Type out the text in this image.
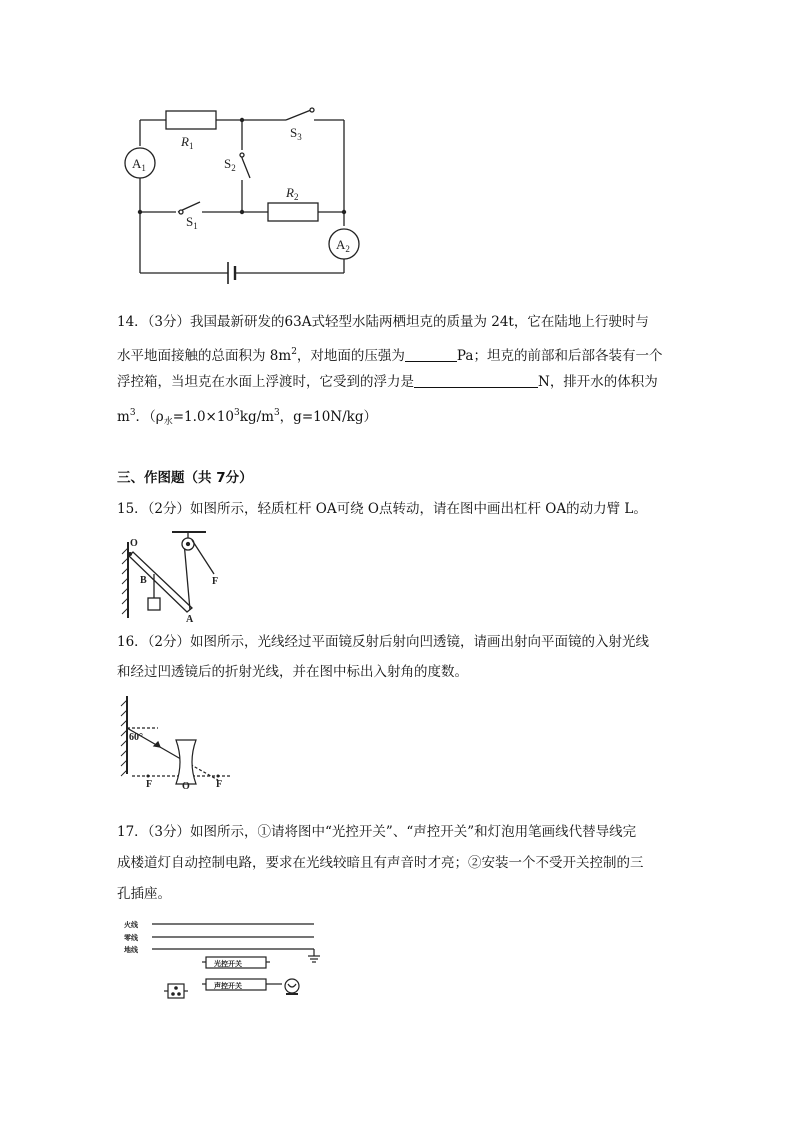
$A_1$
$A_2$
$R_1$
$R_2$
$S_3$
$S_2$
$S_1$
14．（3分）我国最新研发的63A式轻型水陆两栖坦克的质量为 24t，它在陆地上行驶时与
水平地面接触的总面积为 $8m^2$，对地面的压强为	Pa；坦克的前部和后部各装有一个
浮控箱，当坦克在水面上浮渡时，它受到的浮力是	N，排开水的体积为
$m^3$．（$\rho_水=1.0\times 10^3kg/m^3$，g=10N/kg）
三、作图题（共 7分）
15．（2分）如图所示，轻质杠杆 OA可绕 O点转动，请在图中画出杠杆 OA的动力臂 L。
O
B
A
F
16．（2分）如图所示，光线经过平面镜反射后射向凹透镜，请画出射向平面镜的入射光线
和经过凹透镜后的折射光线，并在图中标出入射角的度数。
60°
F	O	F
17．（3分）如图所示，①请将图中“光控开关”、“声控开关”和灯泡用笔画线代替导线完
成楼道灯自动控制电路，要求在光线较暗且有声音时才亮；②安装一个不受开关控制的三
孔插座。
火线
零线
地线
光控开关
声控开关
